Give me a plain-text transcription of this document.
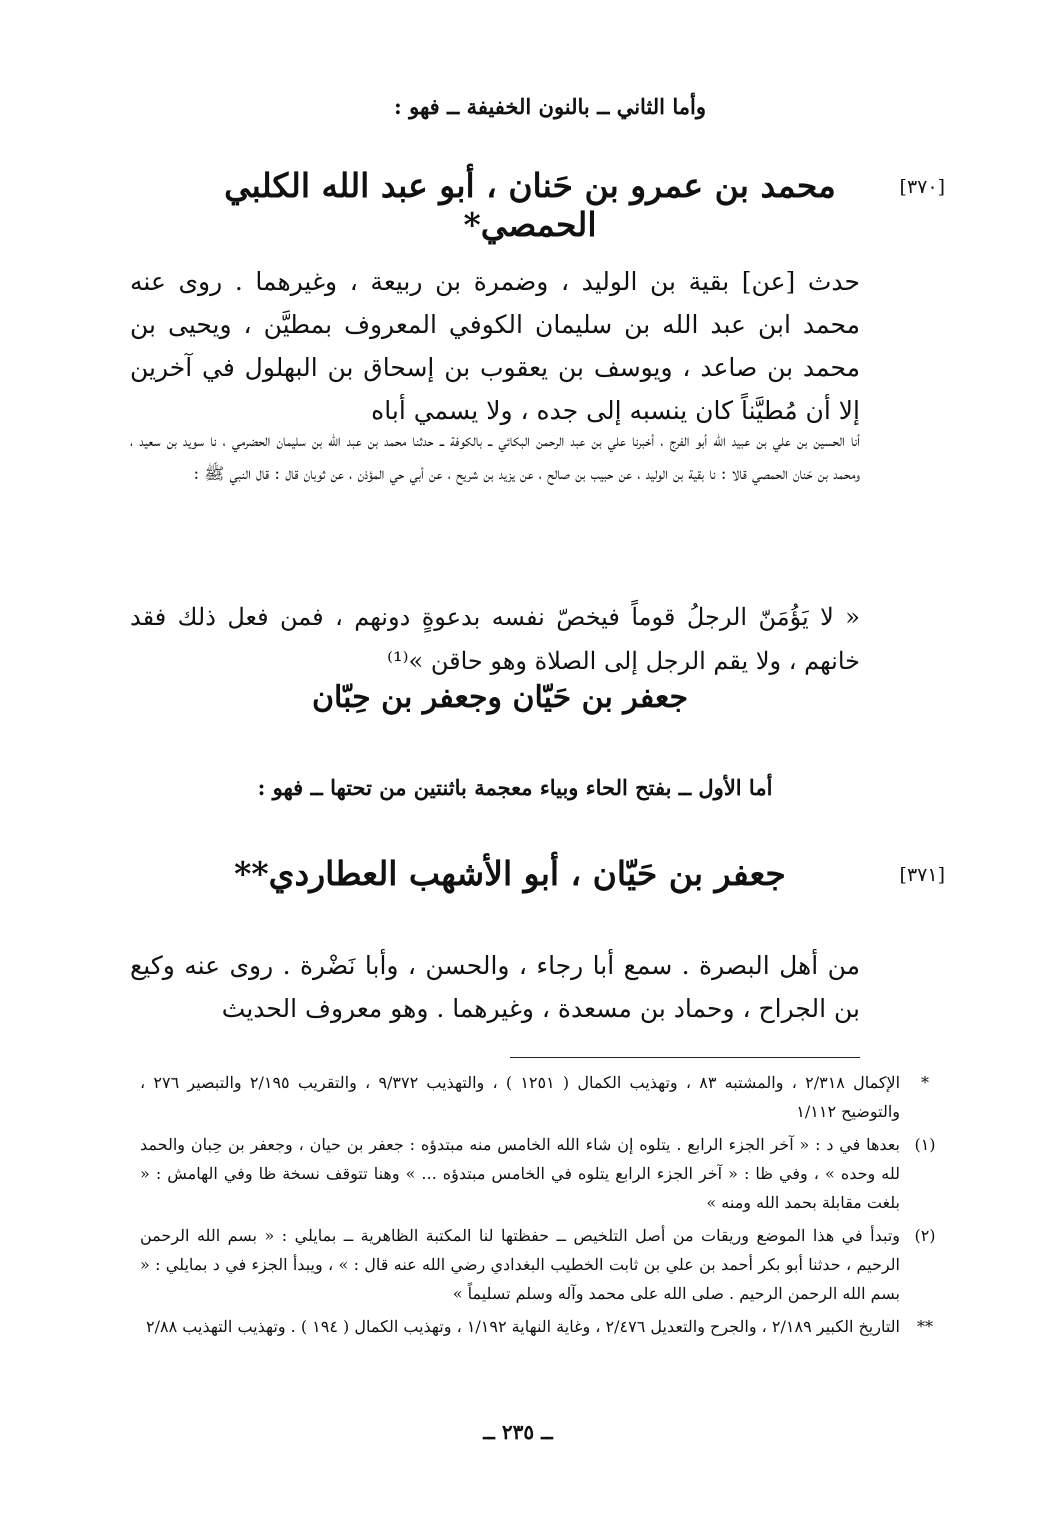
وأما الثاني ــ بالنون الخفيفة ــ فهو :
[٣٧٠]
محمد بن عمرو بن حَنان ، أبو عبد الله الكلبي الحمصي*
حدث [عن] بقية بن الوليد ، وضمرة بن ربيعة ، وغيرهما . روى عنه محمد ابن عبد الله بن سليمان الكوفي المعروف بمطيَّن ، ويحيى بن محمد بن صاعد ، ويوسف بن يعقوب بن إسحاق بن البهلول في آخرين إلا أن مُطيَّناً كان ينسبه إلى جده ، ولا يسمي أباه
أنا الحسين بن علي بن عبيد الله أبو الفرج ، أخبرنا علي بن عبد الرحمن البكائي ــ بالكوفة ــ حدثنا محمد بن عبد الله بن سليمان الحضرمي ، نا سويد بن سعيد ، ومحمد بن حَنان الحمصي قالا : نا بقية بن الوليد ، عن حبيب بن صالح ، عن يزيد بن شريح ، عن أبي حي المؤذن ، عن ثوبان قال : قال النبي ﷺ :
« لا يَؤُمَنّ الرجلُ قوماً فيخصّ نفسه بدعوةٍ دونهم ، فمن فعل ذلك فقد خانهم ، ولا يقم الرجل إلى الصلاة وهو حاقن »⁽¹⁾
جعفر بن حَيّان وجعفر بن حِبّان
أما الأول ــ بفتح الحاء وبياء معجمة باثنتين من تحتها ــ فهو :
[٣٧١]
جعفر بن حَيّان ، أبو الأشهب العطاردي**
من أهل البصرة . سمع أبا رجاء ، والحسن ، وأبا نَضْرة . روى عنه وكيع بن الجراح ، وحماد بن مسعدة ، وغيرهما . وهو معروف الحديث
*
الإكمال ٢/٣١٨ ، والمشتبه ٨٣ ، وتهذيب الكمال ( ١٢٥١ ) ، والتهذيب ٩/٣٧٢ ، والتقريب ٢/١٩٥ والتبصير ٢٧٦ ، والتوضيح ١/١١٢
(١)
بعدها في د : « آخر الجزء الرابع . يتلوه إن شاء الله الخامس منه مبتدؤه : جعفر بن حيان ، وجعفر بن حِبان والحمد لله وحده » ، وفي ظا : « آخر الجزء الرابع يتلوه في الخامس مبتدؤه ... » وهنا تتوقف نسخة ظا وفي الهامش : « بلغت مقابلة بحمد الله ومنه »
(٢)
وتبدأ في هذا الموضع وريقات من أصل التلخيص ــ حفظتها لنا المكتبة الظاهرية ــ بمايلي : « بسم الله الرحمن الرحيم ، حدثنا أبو بكر أحمد بن علي بن ثابت الخطيب البغدادي رضي الله عنه قال : » ، ويبدأ الجزء في د بمايلي : « بسم الله الرحمن الرحيم . صلى الله على محمد وآله وسلم تسليماً »
**
التاريخ الكبير ٢/١٨٩ ، والجرح والتعديل ٢/٤٧٦ ، وغاية النهاية ١/١٩٢ ، وتهذيب الكمال ( ١٩٤ ) . وتهذيب التهذيب ٢/٨٨
ــ ٢٣٥ ــ
